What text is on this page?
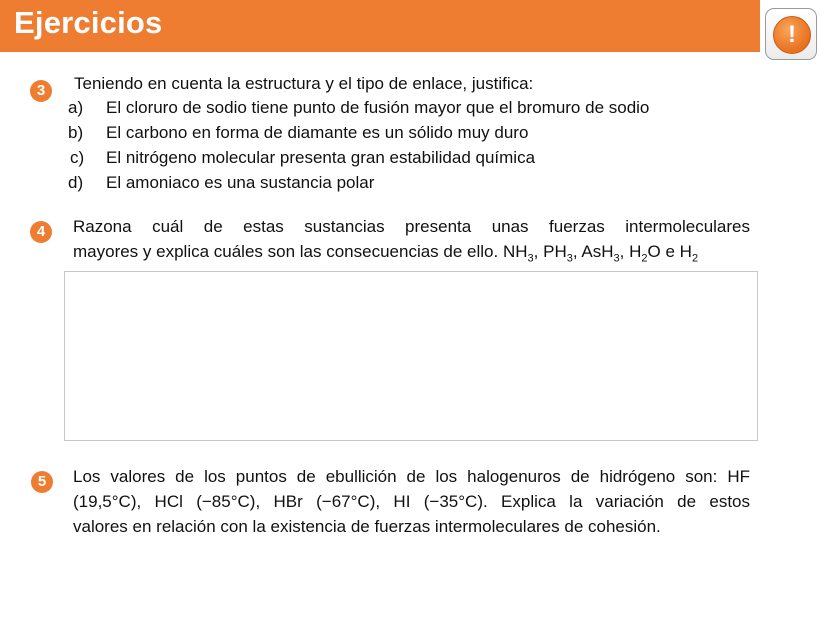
Ejercicios	!
3	Teniendo en cuenta la estructura y el tipo de enlace, justifica:
a) El cloruro de sodio tiene punto de fusión mayor que el bromuro de sodio
b) El carbono en forma de diamante es un sólido muy duro
c) El nitrógeno molecular presenta gran estabilidad química
d) El amoniaco es una sustancia polar
4	Razona cuál de estas sustancias presenta unas fuerzas intermoleculares
mayores y explica cuáles son las consecuencias de ello. $NH_3$, $PH_3$, AsH$_3$, $H_2O$ e $H_2$
5	Los valores de los puntos de ebullición de los halogenuros de hidrógeno son: HF
(19,5°C), HCl (−85°C), HBr (−67°C), HI (−35°C). Explica la variación de estos
valores en relación con la existencia de fuerzas intermoleculares de cohesión.
